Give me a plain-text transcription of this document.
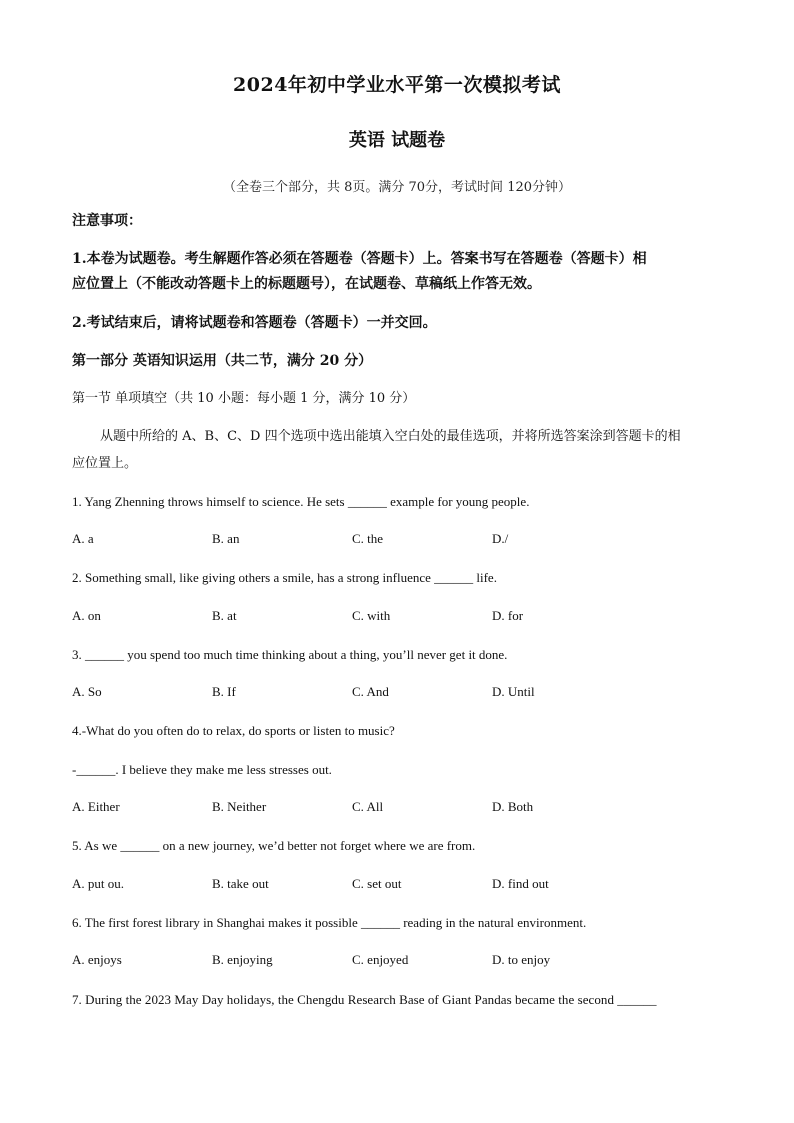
2024年初中学业水平第一次模拟考试
英语 试题卷
（全卷三个部分，共 8页。满分 70分，考试时间 120分钟）
注意事项：
1.本卷为试题卷。考生解题作答必须在答题卷（答题卡）上。答案书写在答题卷（答题卡）相
应位置上（不能改动答题卡上的标题题号），在试题卷、草稿纸上作答无效。
2.考试结束后，请将试题卷和答题卷（答题卡）一并交回。
第一部分 英语知识运用（共二节，满分 20 分）
第一节 单项填空（共 10 小题：每小题 1 分，满分 10 分）
从题中所给的 A、B、C、D 四个选项中选出能填入空白处的最佳选项，并将所选答案涂到答题卡的相
应位置上。
1. Yang Zhenning throws himself to science. He sets ______ example for young people.
A. a	B. an	C. the	D./
2. Something small, like giving others a smile, has a strong influence ______ life.
A. on	B. at	C. with	D. for
3. ______ you spend too much time thinking about a thing, you’ll never get it done.
A. So	B. If	C. And	D. Until
4.-What do you often do to relax, do sports or listen to music?
-______. I believe they make me less stresses out.
A. Either	B. Neither	C. All	D. Both
5. As we ______ on a new journey, we’d better not forget where we are from.
A. put ou.	B. take out	C. set out	D. find out
6. The first forest library in Shanghai makes it possible ______ reading in the natural environment.
A. enjoys	B. enjoying	C. enjoyed	D. to enjoy
7. During the 2023 May Day holidays, the Chengdu Research Base of Giant Pandas became the second ______
